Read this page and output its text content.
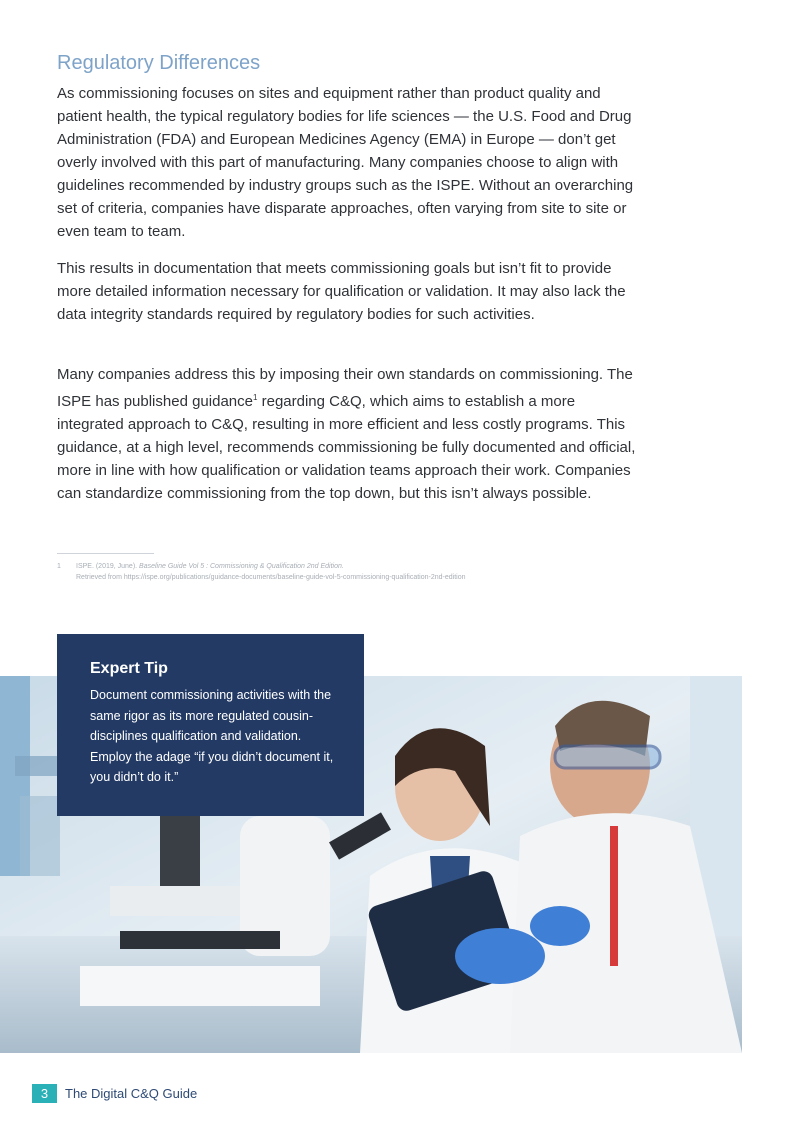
Regulatory Differences

As commissioning focuses on sites and equipment rather than product quality and patient health, the typical regulatory bodies for life sciences — the U.S. Food and Drug Administration (FDA) and European Medicines Agency (EMA) in Europe — don’t get overly involved with this part of manufacturing. Many companies choose to align with guidelines recommended by industry groups such as the ISPE. Without an overarching set of criteria, companies have disparate approaches, often varying from site to site or even team to team.

This results in documentation that meets commissioning goals but isn’t fit to provide more detailed information necessary for qualification or validation. It may also lack the data integrity standards required by regulatory bodies for such activities.

Many companies address this by imposing their own standards on commissioning. The ISPE has published guidance$^1$ regarding C&Q, which aims to establish a more integrated approach to C&Q, resulting in more efficient and less costly programs. This guidance, at a high level, recommends commissioning be fully documented and official, more in line with how qualification or validation teams approach their work. Companies can standardize commissioning from the top down, but this isn’t always possible.

1 ISPE. (2019, June). Baseline Guide Vol 5 : Commissioning & Qualification 2nd Edition.
Retrieved from https://ispe.org/publications/guidance-documents/baseline-guide-vol-5-commissioning-qualification-2nd-edition
Expert Tip

Document commissioning activities with the same rigor as its more regulated cousin-disciplines qualification and validation. Employ the adage “if you didn’t document it, you didn’t do it.”

3	The Digital C&Q Guide
